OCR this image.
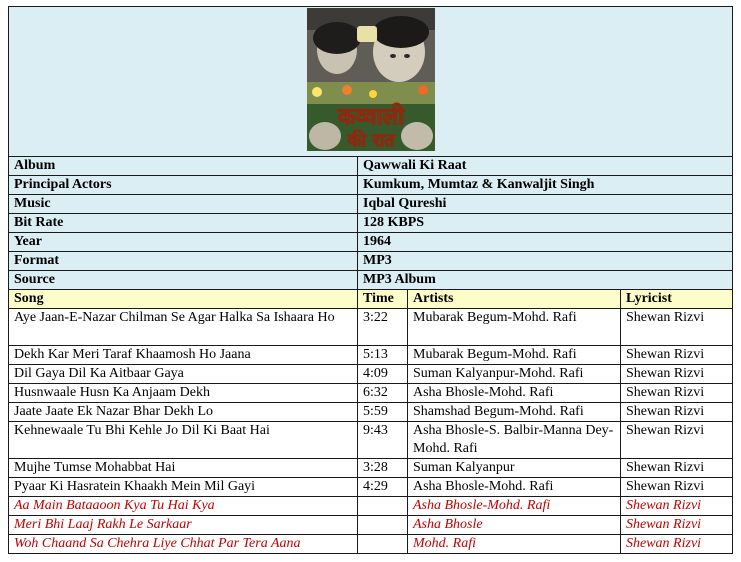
कव्वाली
की रात			

Album	Qawwali Ki Raat		
Principal Actors	Kumkum, Mumtaz & Kanwaljit Singh		
Music	Iqbal Qureshi		
Bit Rate	128 KBPS		
Year	1964		
Format	MP3		
Source	MP3 Album		
Song	Time	Artists	Lyricist
Aye Jaan-E-Nazar Chilman Se Agar Halka Sa Ishaara Ho	3:22	Mubarak Begum-Mohd. Rafi	Shewan Rizvi
Dekh Kar Meri Taraf Khaamosh Ho Jaana	5:13	Mubarak Begum-Mohd. Rafi	Shewan Rizvi
Dil Gaya Dil Ka Aitbaar Gaya	4:09	Suman Kalyanpur-Mohd. Rafi	Shewan Rizvi
Husnwaale Husn Ka Anjaam Dekh	6:32	Asha Bhosle-Mohd. Rafi	Shewan Rizvi
Jaate Jaate Ek Nazar Bhar Dekh Lo	5:59	Shamshad Begum-Mohd. Rafi	Shewan Rizvi
Kehnewaale Tu Bhi Kehle Jo Dil Ki Baat Hai	9:43	Asha Bhosle-S. Balbir-Manna Dey-Mohd. Rafi	Shewan Rizvi
Mujhe Tumse Mohabbat Hai	3:28	Suman Kalyanpur	Shewan Rizvi
Pyaar Ki Hasratein Khaakh Mein Mil Gayi	4:29	Asha Bhosle-Mohd. Rafi	Shewan Rizvi
Aa Main Bataaoon Kya Tu Hai Kya		Asha Bhosle-Mohd. Rafi	Shewan Rizvi
Meri Bhi Laaj Rakh Le Sarkaar		Asha Bhosle	Shewan Rizvi
Woh Chaand Sa Chehra Liye Chhat Par Tera Aana		Mohd. Rafi	Shewan Rizvi
